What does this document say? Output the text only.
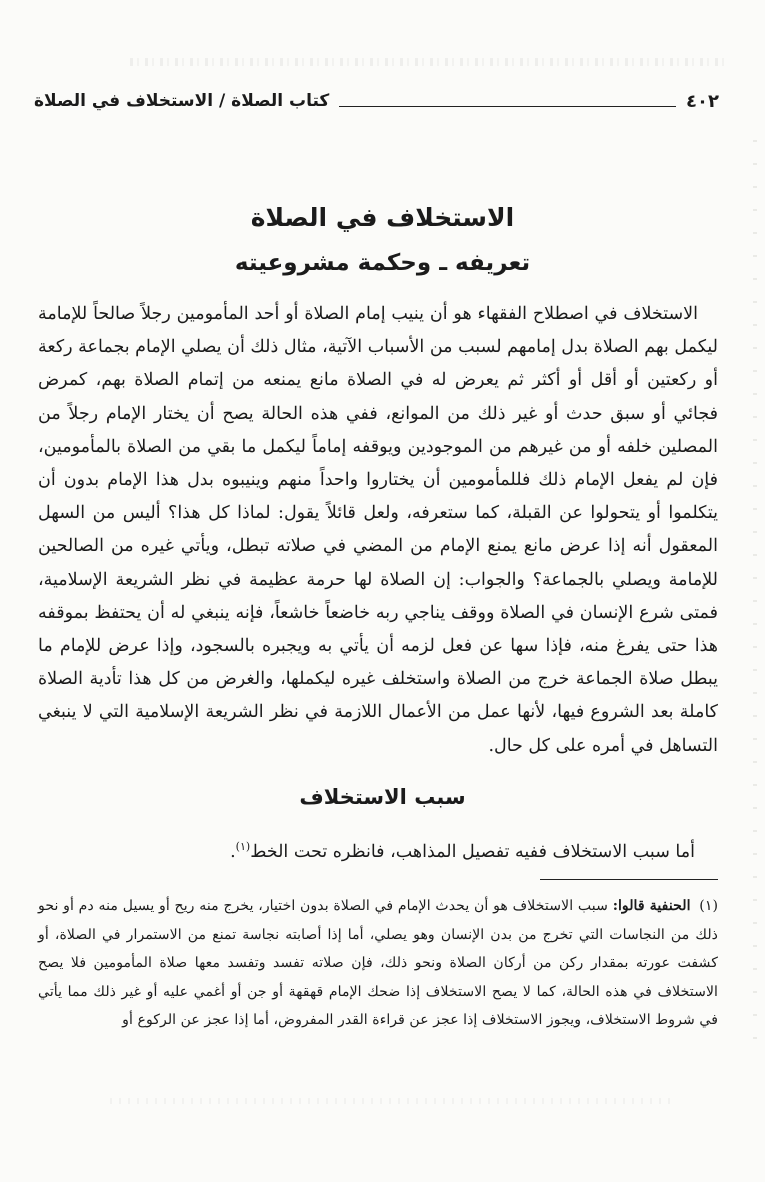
٤٠٢
كتاب الصلاة / الاستخلاف في الصلاة
الاستخلاف في الصلاة
تعريفه ـ وحكمة مشروعيته
الاستخلاف في اصطلاح الفقهاء هو أن ينيب إمام الصلاة أو أحد المأمومين رجلاً صالحاً للإمامة ليكمل بهم الصلاة بدل إمامهم لسبب من الأسباب الآتية، مثال ذلك أن يصلي الإمام بجماعة ركعة أو ركعتين أو أقل أو أكثر ثم يعرض له في الصلاة مانع يمنعه من إتمام الصلاة بهم، كمرض فجائي أو سبق حدث أو غير ذلك من الموانع، ففي هذه الحالة يصح أن يختار الإمام رجلاً من المصلين خلفه أو من غيرهم من الموجودين ويوقفه إماماً ليكمل ما بقي من الصلاة بالمأمومين، فإن لم يفعل الإمام ذلك فللمأمومين أن يختاروا واحداً منهم وينيبوه بدل هذا الإمام بدون أن يتكلموا أو يتحولوا عن القبلة، كما ستعرفه، ولعل قائلاً يقول: لماذا كل هذا؟ أليس من السهل المعقول أنه إذا عرض مانع يمنع الإمام من المضي في صلاته تبطل، ويأتي غيره من الصالحين للإمامة ويصلي بالجماعة؟ والجواب: إن الصلاة لها حرمة عظيمة في نظر الشريعة الإسلامية، فمتى شرع الإنسان في الصلاة ووقف يناجي ربه خاضعاً خاشعاً، فإنه ينبغي له أن يحتفظ بموقفه هذا حتى يفرغ منه، فإذا سها عن فعل لزمه أن يأتي به ويجبره بالسجود، وإذا عرض للإمام ما يبطل صلاة الجماعة خرج من الصلاة واستخلف غيره ليكملها، والغرض من كل هذا تأدية الصلاة كاملة بعد الشروع فيها، لأنها عمل من الأعمال اللازمة في نظر الشريعة الإسلامية التي لا ينبغي التساهل في أمره على كل حال.
سبب الاستخلاف
أما سبب الاستخلاف ففيه تفصيل المذاهب، فانظره تحت الخط$^{(١)}$.
(١) الحنفية قالوا: سبب الاستخلاف هو أن يحدث الإمام في الصلاة بدون اختيار، يخرج منه ريح أو يسيل منه دم أو نحو ذلك من النجاسات التي تخرج من بدن الإنسان وهو يصلي، أما إذا أصابته نجاسة تمنع من الاستمرار في الصلاة، أو كشفت عورته بمقدار ركن من أركان الصلاة ونحو ذلك، فإن صلاته تفسد وتفسد معها صلاة المأمومين فلا يصح الاستخلاف في هذه الحالة، كما لا يصح الاستخلاف إذا ضحك الإمام قهقهة أو جن أو أغمي عليه أو غير ذلك مما يأتي في شروط الاستخلاف، ويجوز الاستخلاف إذا عجز عن قراءة القدر المفروض، أما إذا عجز عن الركوع أو
